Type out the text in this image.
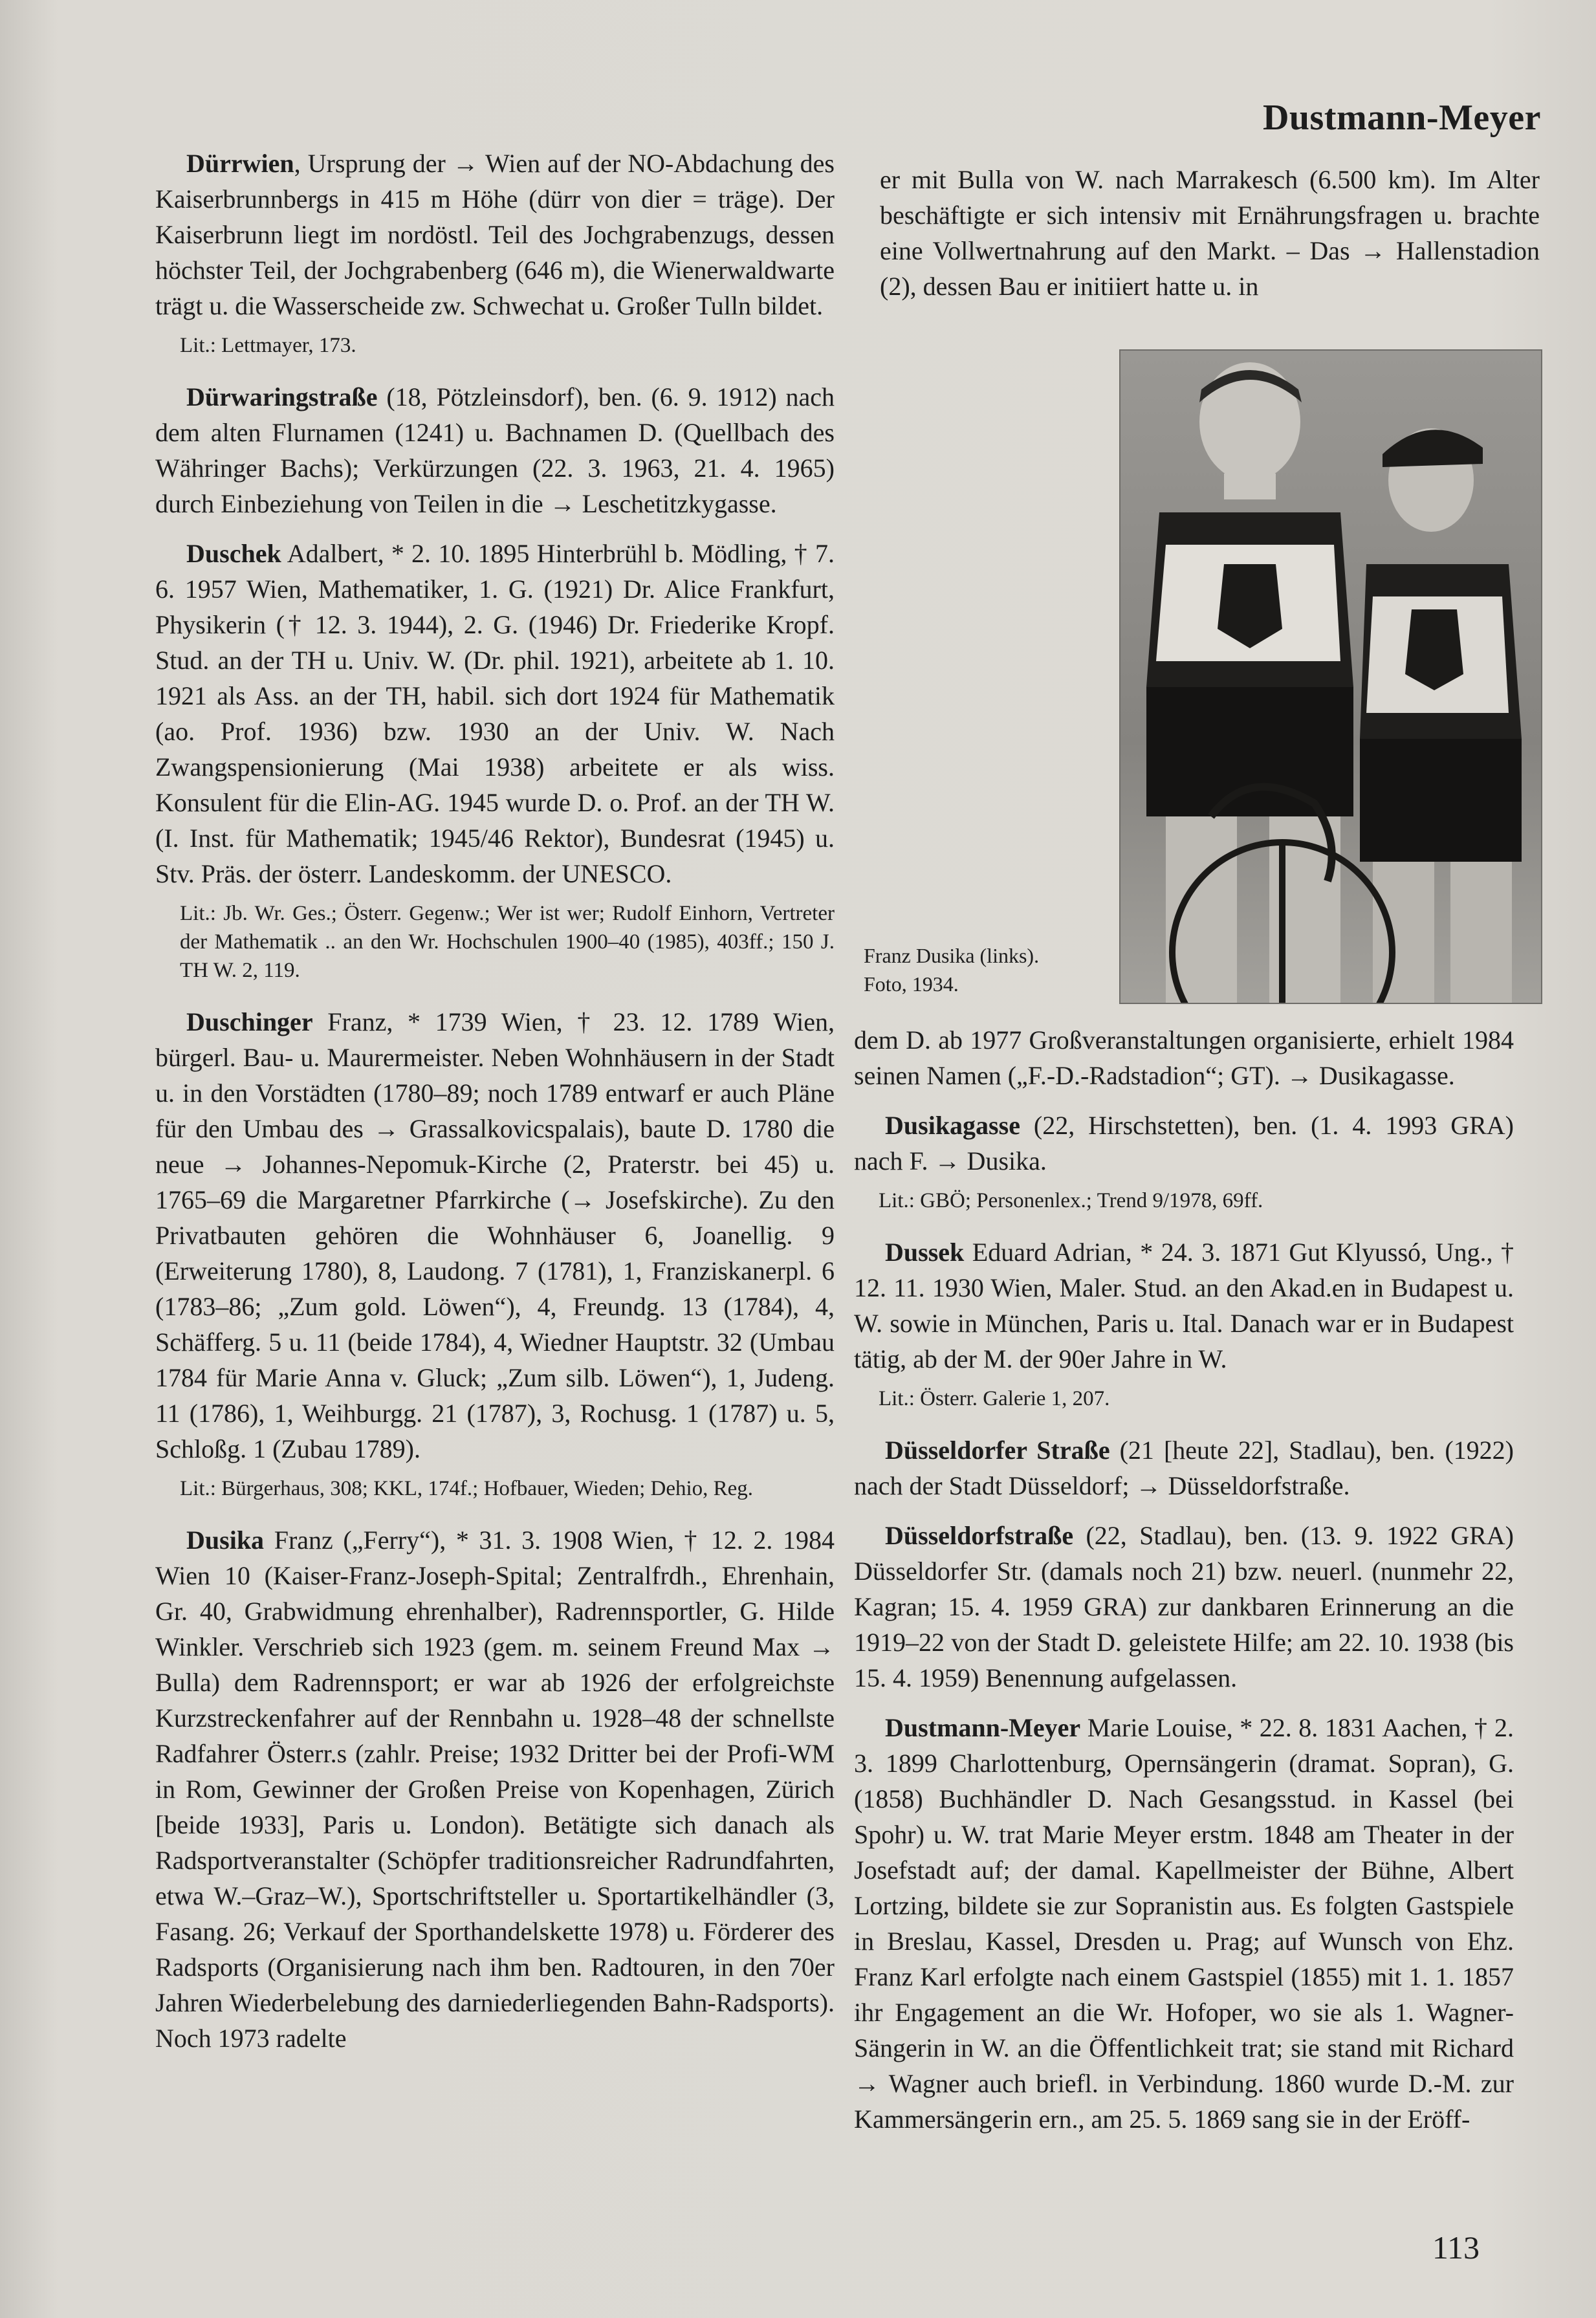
Dustmann-Meyer

Dürrwien, Ursprung der → Wien auf der NO-Abdachung des Kaiserbrunnbergs in 415 m Höhe (dürr von dier = träge). Der Kaiserbrunn liegt im nordöstl. Teil des Jochgrabenzugs, dessen höchster Teil, der Jochgrabenberg (646 m), die Wienerwaldwarte trägt u. die Wasserscheide zw. Schwechat u. Großer Tulln bildet.

Lit.: Lettmayer, 173.

Dürwaringstraße (18, Pötzleinsdorf), ben. (6. 9. 1912) nach dem alten Flurnamen (1241) u. Bachnamen D. (Quellbach des Währinger Bachs); Verkürzungen (22. 3. 1963, 21. 4. 1965) durch Einbeziehung von Teilen in die → Leschetitzkygasse.

Duschek Adalbert, * 2. 10. 1895 Hinterbrühl b. Mödling, † 7. 6. 1957 Wien, Mathematiker, 1. G. (1921) Dr. Alice Frankfurt, Physikerin († 12. 3. 1944), 2. G. (1946) Dr. Friederike Kropf. Stud. an der TH u. Univ. W. (Dr. phil. 1921), arbeitete ab 1. 10. 1921 als Ass. an der TH, habil. sich dort 1924 für Mathematik (ao. Prof. 1936) bzw. 1930 an der Univ. W. Nach Zwangspensionierung (Mai 1938) arbeitete er als wiss. Konsulent für die Elin-AG. 1945 wurde D. o. Prof. an der TH W. (I. Inst. für Mathematik; 1945/46 Rektor), Bundesrat (1945) u. Stv. Präs. der österr. Landeskomm. der UNESCO.

Lit.: Jb. Wr. Ges.; Österr. Gegenw.; Wer ist wer; Rudolf Einhorn, Vertreter der Mathematik .. an den Wr. Hochschulen 1900–40 (1985), 403ff.; 150 J. TH W. 2, 119.

Duschinger Franz, * 1739 Wien, † 23. 12. 1789 Wien, bürgerl. Bau- u. Maurermeister. Neben Wohnhäusern in der Stadt u. in den Vorstädten (1780–89; noch 1789 entwarf er auch Pläne für den Umbau des → Grassalkovicspalais), baute D. 1780 die neue → Johannes-Nepomuk-Kirche (2, Praterstr. bei 45) u. 1765–69 die Margaretner Pfarrkirche (→ Josefskirche). Zu den Privatbauten gehören die Wohnhäuser 6, Joanellig. 9 (Erweiterung 1780), 8, Laudong. 7 (1781), 1, Franziskanerpl. 6 (1783–86; „Zum gold. Löwen“), 4, Freundg. 13 (1784), 4, Schäfferg. 5 u. 11 (beide 1784), 4, Wiedner Hauptstr. 32 (Umbau 1784 für Marie Anna v. Gluck; „Zum silb. Löwen“), 1, Judeng. 11 (1786), 1, Weihburgg. 21 (1787), 3, Rochusg. 1 (1787) u. 5, Schloßg. 1 (Zubau 1789).

Lit.: Bürgerhaus, 308; KKL, 174f.; Hofbauer, Wieden; Dehio, Reg.

Dusika Franz („Ferry“), * 31. 3. 1908 Wien, † 12. 2. 1984 Wien 10 (Kaiser-Franz-Joseph-Spital; Zentralfrdh., Ehrenhain, Gr. 40, Grabwidmung ehrenhalber), Radrennsportler, G. Hilde Winkler. Verschrieb sich 1923 (gem. m. seinem Freund Max → Bulla) dem Radrennsport; er war ab 1926 der erfolgreichste Kurzstreckenfahrer auf der Rennbahn u. 1928–48 der schnellste Radfahrer Österr.s (zahlr. Preise; 1932 Dritter bei der Profi-WM in Rom, Gewinner der Großen Preise von Kopenhagen, Zürich [beide 1933], Paris u. London). Betätigte sich danach als Radsportveranstalter (Schöpfer traditionsreicher Radrundfahrten, etwa W.–Graz–W.), Sportschriftsteller u. Sportartikelhändler (3, Fasang. 26; Verkauf der Sporthandelskette 1978) u. Förderer des Radsports (Organisierung nach ihm ben. Radtouren, in den 70er Jahren Wiederbelebung des darniederliegenden Bahn-Radsports). Noch 1973 radelte

er mit Bulla von W. nach Marrakesch (6.500 km). Im Alter beschäftigte er sich intensiv mit Ernährungsfragen u. brachte eine Vollwertnahrung auf den Markt. – Das → Hallenstadion (2), dessen Bau er initiiert hatte u. in

Franz Dusika (links).
Foto, 1934.

dem D. ab 1977 Großveranstaltungen organisierte, erhielt 1984 seinen Namen („F.-D.-Radstadion“; GT). → Dusikagasse.

Dusikagasse (22, Hirschstetten), ben. (1. 4. 1993 GRA) nach F. → Dusika.

Lit.: GBÖ; Personenlex.; Trend 9/1978, 69ff.

Dussek Eduard Adrian, * 24. 3. 1871 Gut Klyussó, Ung., † 12. 11. 1930 Wien, Maler. Stud. an den Akad.en in Budapest u. W. sowie in München, Paris u. Ital. Danach war er in Budapest tätig, ab der M. der 90er Jahre in W.

Lit.: Österr. Galerie 1, 207.

Düsseldorfer Straße (21 [heute 22], Stadlau), ben. (1922) nach der Stadt Düsseldorf; → Düsseldorfstraße.

Düsseldorfstraße (22, Stadlau), ben. (13. 9. 1922 GRA) Düsseldorfer Str. (damals noch 21) bzw. neuerl. (nunmehr 22, Kagran; 15. 4. 1959 GRA) zur dankbaren Erinnerung an die 1919–22 von der Stadt D. geleistete Hilfe; am 22. 10. 1938 (bis 15. 4. 1959) Benennung aufgelassen.

Dustmann-Meyer Marie Louise, * 22. 8. 1831 Aachen, † 2. 3. 1899 Charlottenburg, Opernsängerin (dramat. Sopran), G. (1858) Buchhändler D. Nach Gesangsstud. in Kassel (bei Spohr) u. W. trat Marie Meyer erstm. 1848 am Theater in der Josefstadt auf; der damal. Kapellmeister der Bühne, Albert Lortzing, bildete sie zur Sopranistin aus. Es folgten Gastspiele in Breslau, Kassel, Dresden u. Prag; auf Wunsch von Ehz. Franz Karl erfolgte nach einem Gastspiel (1855) mit 1. 1. 1857 ihr Engagement an die Wr. Hofoper, wo sie als 1. Wagner-Sängerin in W. an die Öffentlichkeit trat; sie stand mit Richard → Wagner auch briefl. in Verbindung. 1860 wurde D.-M. zur Kammersängerin ern., am 25. 5. 1869 sang sie in der Eröff-

113
